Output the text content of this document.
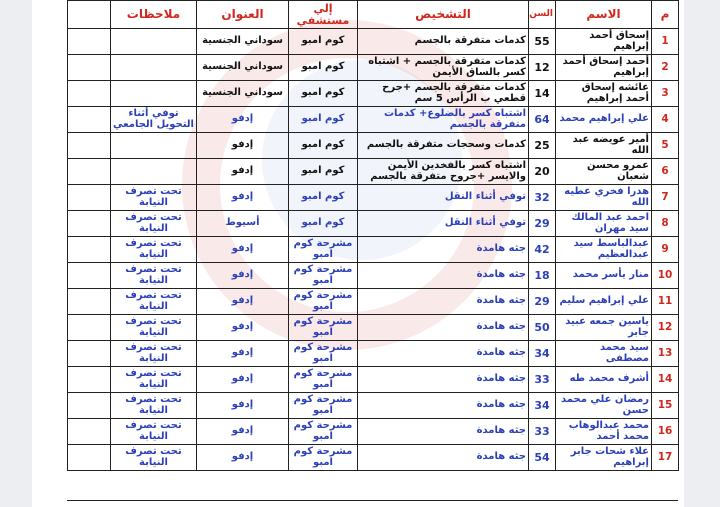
م	الاسم	السن	التشخيص	إلي مستشفي	العنوان	ملاحظات	
1	إسحاق أحمد إبراهيم	55	كدمات متفرقة بالجسم	كوم امبو	سوداني الجنسية		
2	أحمد إسحاق أحمد إبراهيم	12	كدمات متفرقة بالجسم + اشتباه كسر بالساق الأيمن	كوم امبو	سوداني الجنسية		
3	عائشه إسحاق أحمد إبراهيم	14	كدمات متفرقة بالجسم +جرح قطعي ب الرأس 5 سم	كوم امبو	سوداني الجنسية		
4	علي إبراهيم محمد	64	اشتباه كسر بالضلوع+ كدمات متفرقة بالجسم	كوم امبو	إدفو	توفي أثناء التحويل الجامعي	
5	أمير عويضه عبد الله	25	كدمات وسحجات متفرقة بالجسم	كوم امبو	إدفو		
6	عمرو محسن شعبان	20	اشتباه كسر بالفخدين الأيمن والايسر +جروح متفرقة بالجسم	كوم امبو	إدفو		
7	هدرا فخري عطيه الله	32	توفي أثناء النقل	كوم امبو	إدفو	تحت تصرف النيابة	
8	احمد عبد المالك سيد مهران	29	توفي أثناء النقل	كوم امبو	أسيوط	تحت تصرف النيابة	
9	عبدالباسط سيد عبدالعظيم	42	جثه هامدة	مشرحة كوم امبو	إدفو	تحت تصرف النيابة	
10	منار يأسر محمد	18	جثه هامدة	مشرحة كوم امبو	إدفو	تحت تصرف النيابة	
11	علي إبراهيم سليم	29	جثه هامدة	مشرحة كوم امبو	إدفو	تحت تصرف النيابة	
12	ياسين جمعه عبيد جابر	50	جثه هامدة	مشرحة كوم امبو	إدفو	تحت تصرف النيابة	
13	سيد محمد مصطفى	34	جثه هامدة	مشرحة كوم امبو	إدفو	تحت تصرف النيابة	
14	أشرف محمد طه	33	جثه هامدة	مشرحة كوم امبو	إدفو	تحت تصرف النيابة	
15	رمضان علي محمد حسن	34	جثه هامدة	مشرحة كوم امبو	إدفو	تحت تصرف النيابة	
16	محمد عبدالوهاب محمد أحمد	33	جثه هامدة	مشرحة كوم امبو	إدفو	تحت تصرف النيابة	
17	علاء شحات جابر إبراهيم	54	جثه هامدة	مشرحة كوم امبو	إدفو	تحت تصرف النيابة	
